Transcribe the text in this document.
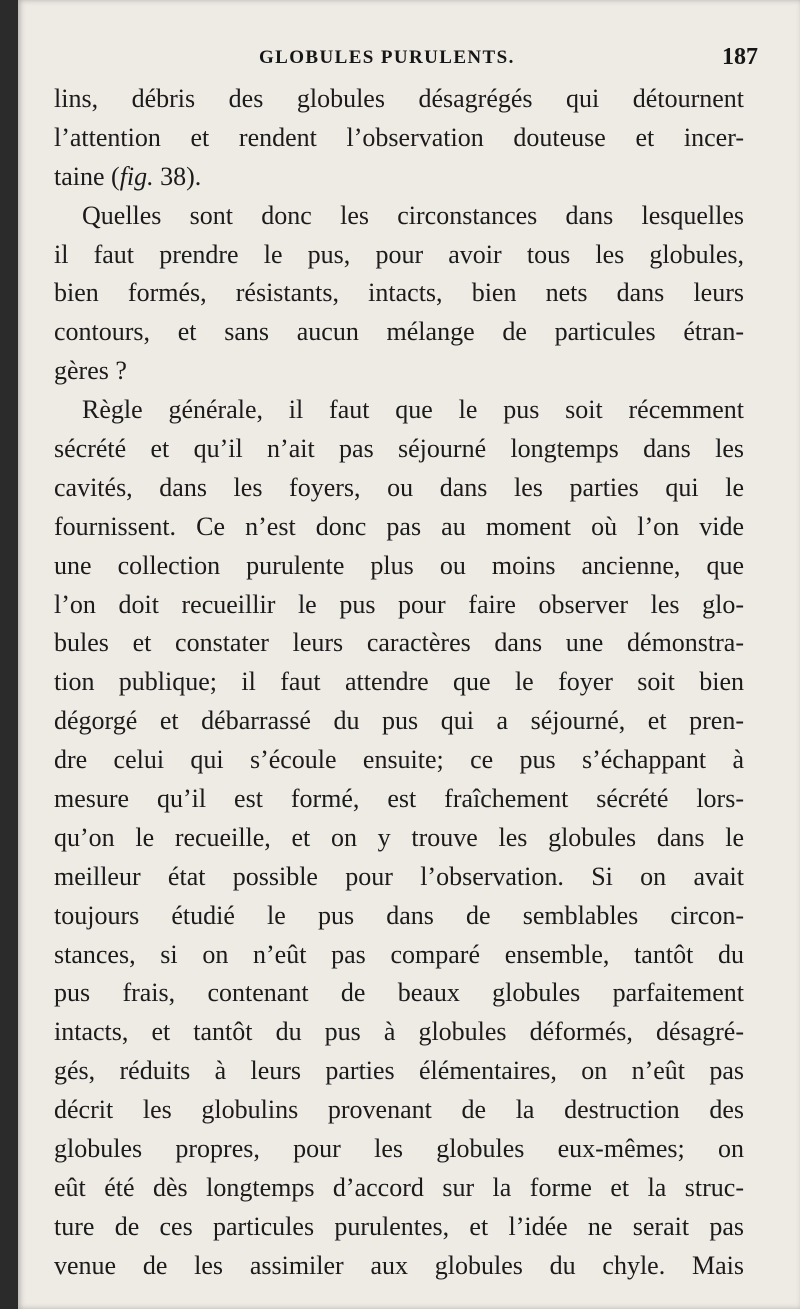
GLOBULES PURULENTS.	187
lins, débris des globules désagrégés qui détournent
l’attention et rendent l’observation douteuse et incer-
taine (fig. 38).
Quelles sont donc les circonstances dans lesquelles
il faut prendre le pus, pour avoir tous les globules,
bien formés, résistants, intacts, bien nets dans leurs
contours, et sans aucun mélange de particules étran-
gères ?
Règle générale, il faut que le pus soit récemment
sécrété et qu’il n’ait pas séjourné longtemps dans les
cavités, dans les foyers, ou dans les parties qui le
fournissent. Ce n’est donc pas au moment où l’on vide
une collection purulente plus ou moins ancienne, que
l’on doit recueillir le pus pour faire observer les glo-
bules et constater leurs caractères dans une démonstra-
tion publique; il faut attendre que le foyer soit bien
dégorgé et débarrassé du pus qui a séjourné, et pren-
dre celui qui s’écoule ensuite; ce pus s’échappant à
mesure qu’il est formé, est fraîchement sécrété lors-
qu’on le recueille, et on y trouve les globules dans le
meilleur état possible pour l’observation. Si on avait
toujours étudié le pus dans de semblables circon-
stances, si on n’eût pas comparé ensemble, tantôt du
pus frais, contenant de beaux globules parfaitement
intacts, et tantôt du pus à globules déformés, désagré-
gés, réduits à leurs parties élémentaires, on n’eût pas
décrit les globulins provenant de la destruction des
globules propres, pour les globules eux-mêmes; on
eût été dès longtemps d’accord sur la forme et la struc-
ture de ces particules purulentes, et l’idée ne serait pas
venue de les assimiler aux globules du chyle. Mais
